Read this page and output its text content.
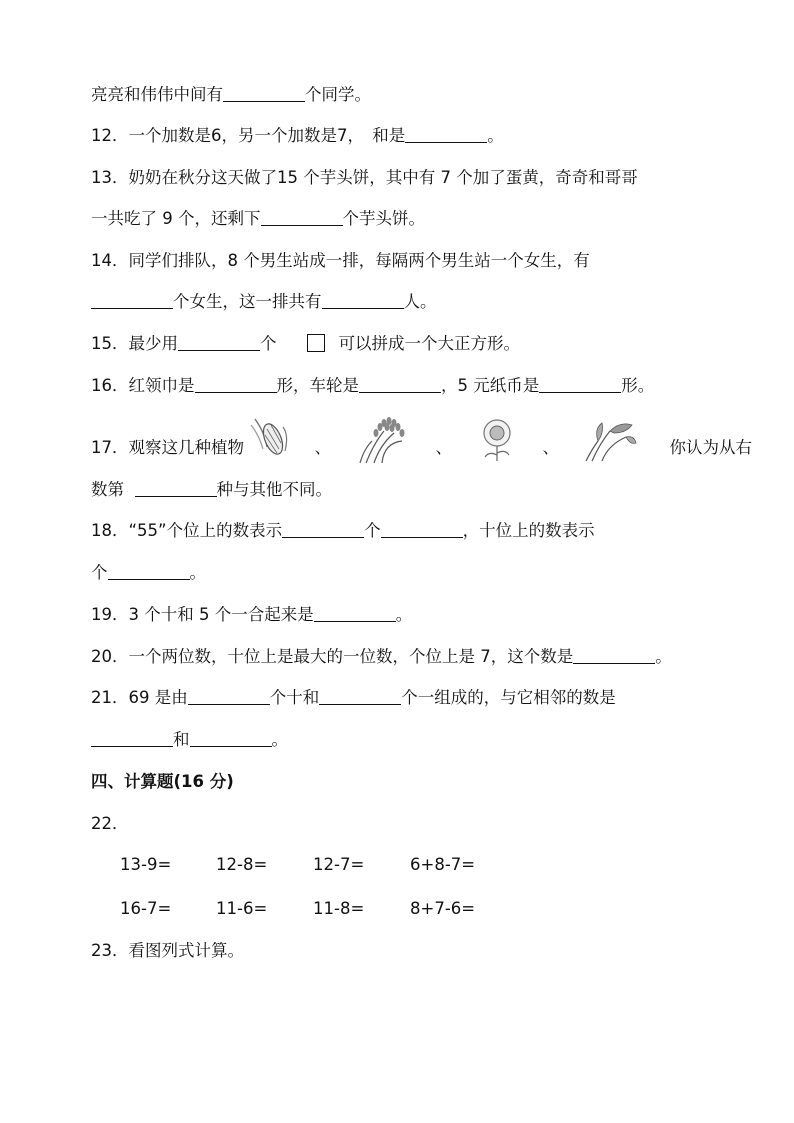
亮亮和伟伟中间有	个同学。
12．一个加数是6，另一个加数是7，　和是	。
13．奶奶在秋分这天做了15 个芋头饼，其中有 7 个加了蛋黄，奇奇和哥哥
一共吃了 9 个，还剩下	个芋头饼。
14．同学们排队，8 个男生站成一排，每隔两个男生站一个女生，有
个女生，这一排共有	人。
15．最少用	个	可以拼成一个大正方形。
16．红领巾是	形，车轮是	，5 元纸币是	形。
17．观察这几种植物	、	、	、	你认为从右
数第	种与其他不同。
18．“55”个位上的数表示	个	，十位上的数表示
个	。
19．3 个十和 5 个一合起来是	。
20．一个两位数，十位上是最大的一位数，个位上是 7，这个数是	。
21．69 是由	个十和	个一组成的，与它相邻的数是
和	。
四、计算题(16 分)
22．
13-9=	12-8=	12-7=	6+8-7=
16-7=	11-6=	11-8=	8+7-6=
23．看图列式计算。
